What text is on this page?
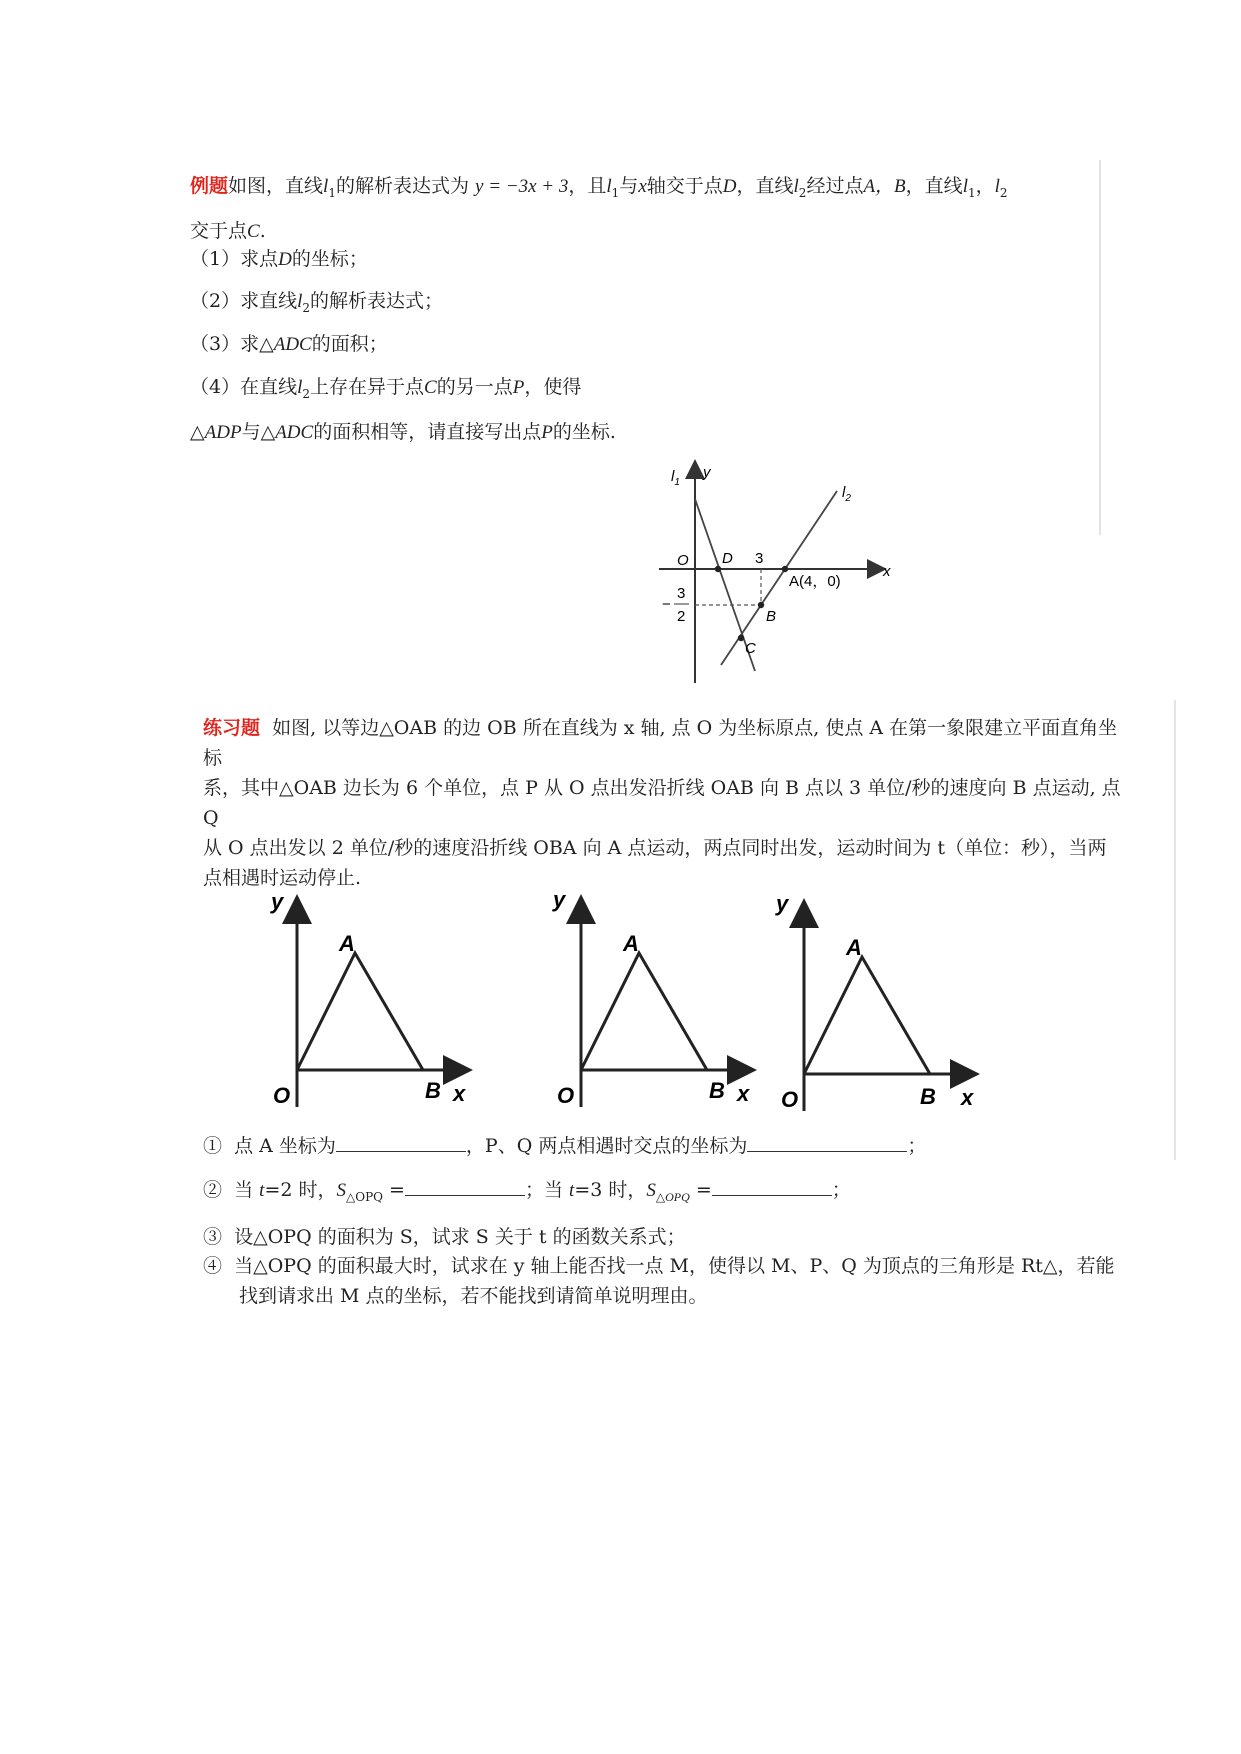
例题如图，直线$l_1$的解析表达式为 y = −3x + 3，且$l_1$与x轴交于点D，直线$l_2$经过点A，B，直线$l_1$，$l_2$
交于点C.
（1）求点D的坐标；
（2）求直线$l_2$的解析表达式；
（3）求△ADC的面积；
（4）在直线$l_2$上存在异于点C的另一点P，使得
△ADP与△ADC的面积相等，请直接写出点P的坐标.
$l_1$
y
$l_2$
x
O D 3
A(4，0)
B
C
−
3
2
练习题 如图, 以等边△OAB 的边 OB 所在直线为 x 轴, 点 O 为坐标原点, 使点 A 在第一象限建立平面直角坐标
系，其中△OAB 边长为 6 个单位，点 P 从 O 点出发沿折线 OAB 向 B 点以 3 单位/秒的速度向 B 点运动, 点 Q
从 O 点出发以 2 单位/秒的速度沿折线 OBA 向 A 点运动，两点同时出发，运动时间为 t（单位：秒），当两
点相遇时运动停止.
y
A
O	B x
y
A
O	B x
y
A
O	B x
① 点 A 坐标为	，P、Q 两点相遇时交点的坐标为	；
② 当 t=2 时，$S_{\triangle OPQ}$ =	；当 t=3 时，$S_{\triangle OPQ}$ =	；
③ 设△OPQ 的面积为 S，试求 S 关于 t 的函数关系式；
④ 当△OPQ 的面积最大时，试求在 y 轴上能否找一点 M，使得以 M、P、Q 为顶点的三角形是 Rt△，若能
找到请求出 M 点的坐标，若不能找到请简单说明理由。
